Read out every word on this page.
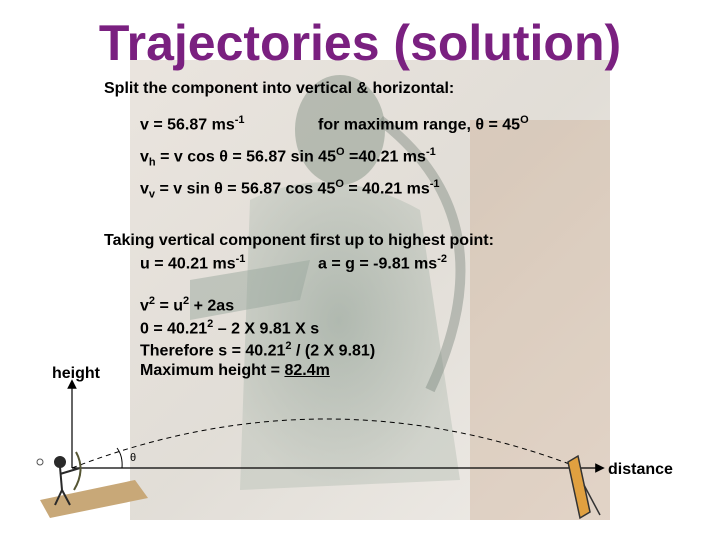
Trajectories (solution)
Split the component into vertical & horizontal:
v = 56.87 $ms^{-1}$	for maximum range, $\theta = 45^O$
$v_h = v$ cos θ = 56.87 $\sin 45^O =40.21$ $ms^{-1}$
$v_v = v$ sin θ = 56.87 $\cos 45^O = 40.21$ $ms^{-1}$
Taking vertical component first up to highest point:
u = 40.21 $ms^{-1}$	a = g = -9.81 $ms^{-2}$
$v^2 = u^2 + 2as$
$0 = 40.21^2 - 2$ X 9.81 X s
Therefore $s = 40.21^2 / (2$ X 9.81)
Maximum height = 82.4m
height
distance
θ
